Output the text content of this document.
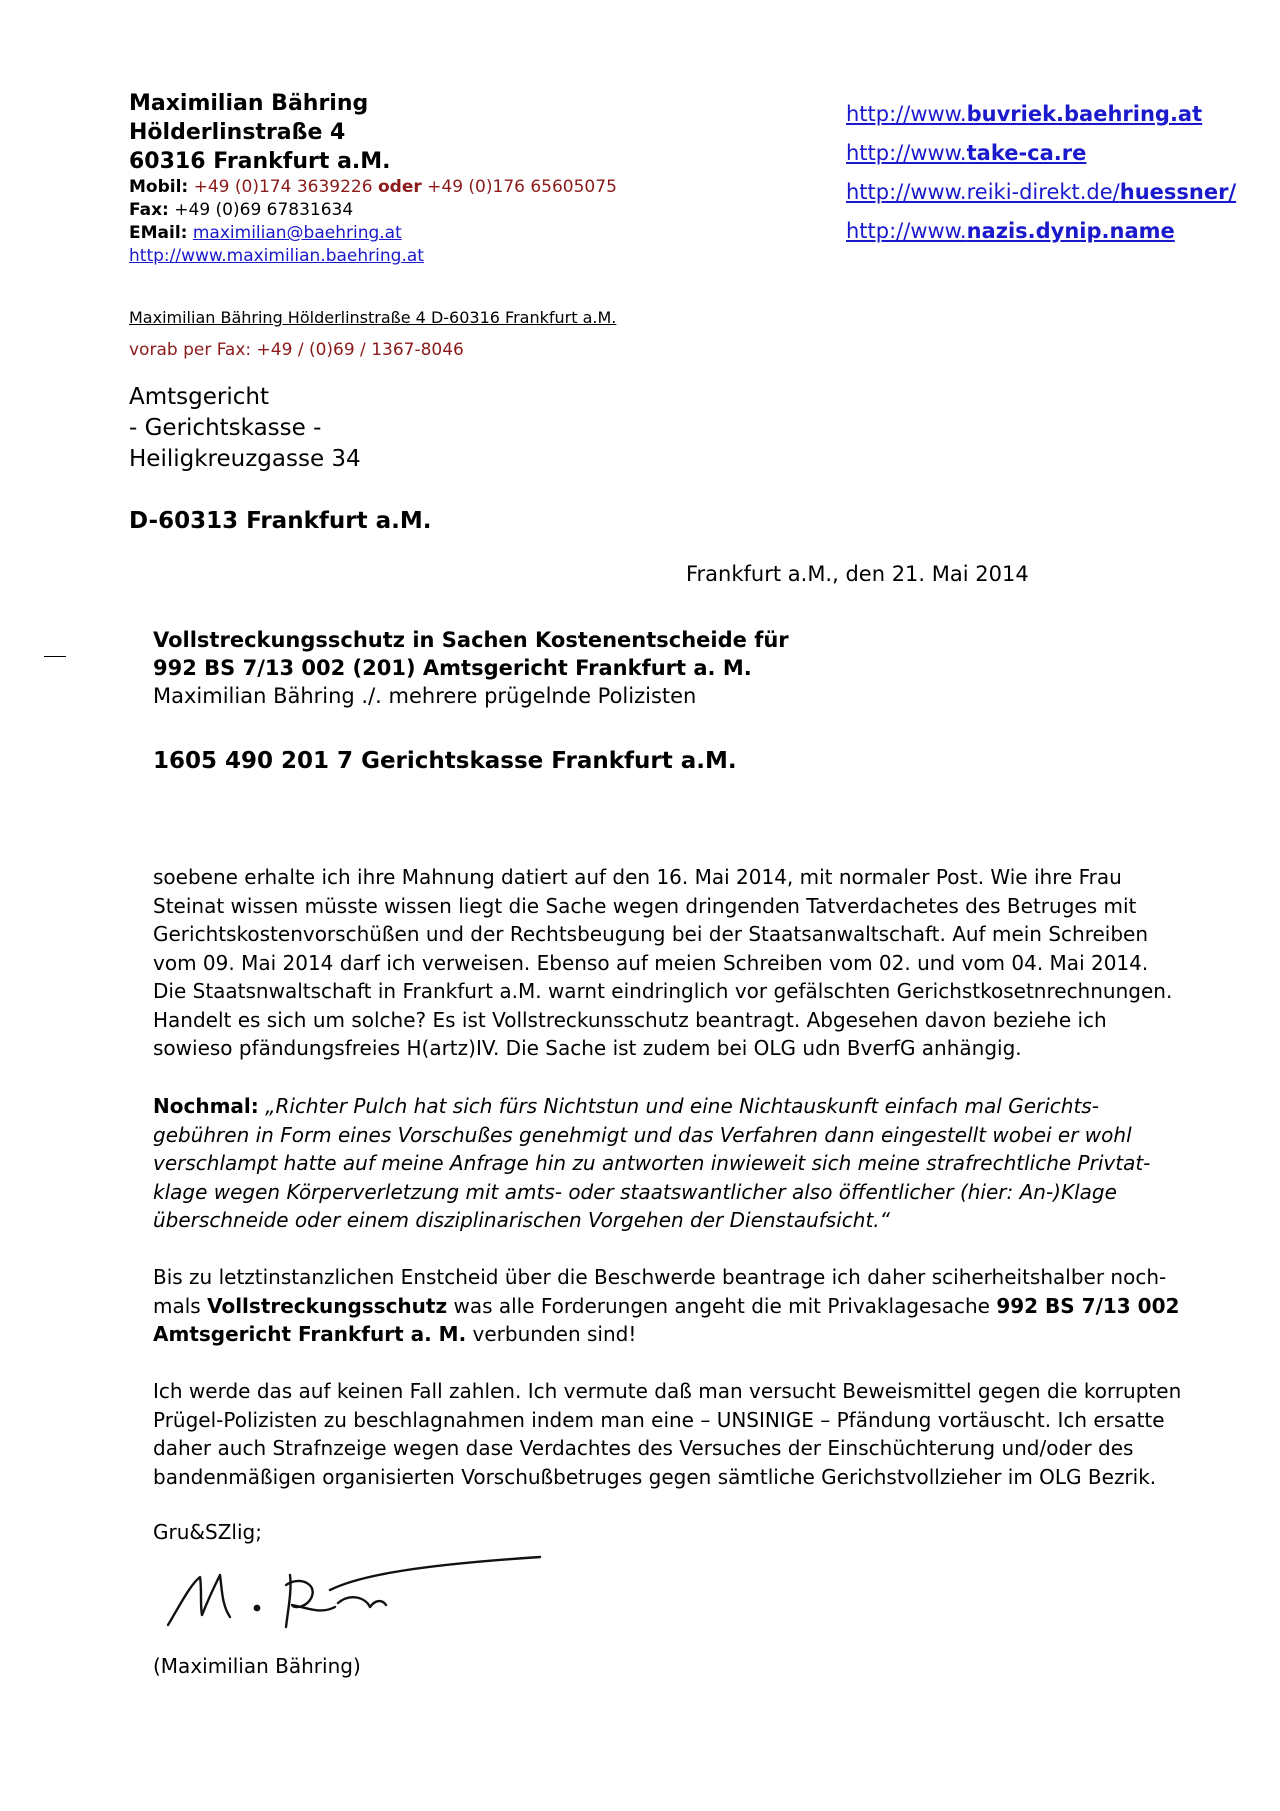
Maximilian Bähring
Hölderlinstraße 4
60316 Frankfurt a.M.
Mobil: +49 (0)174 3639226 oder +49 (0)176 65605075
Fax: +49 (0)69 67831634
EMail: maximilian@baehring.at
http://www.maximilian.baehring.at
http://www.buvriek.baehring.at
http://www.take-ca.re
http://www.reiki-direkt.de/huessner/
http://www.nazis.dynip.name
Maximilian Bähring Hölderlinstraße 4 D-60316 Frankfurt a.M.
vorab per Fax: +49 / (0)69 / 1367-8046
Amtsgericht
- Gerichtskasse -
Heiligkreuzgasse 34
D-60313 Frankfurt a.M.
Frankfurt a.M., den 21. Mai 2014
Vollstreckungsschutz in Sachen Kostenentscheide für
992 BS 7/13 002 (201) Amtsgericht Frankfurt a. M.
Maximilian Bähring ./. mehrere prügelnde Polizisten
1605 490 201 7 Gerichtskasse Frankfurt a.M.
soebene erhalte ich ihre Mahnung datiert auf den 16. Mai 2014, mit normaler Post. Wie ihre Frau
Steinat wissen müsste wissen liegt die Sache wegen dringenden Tatverdachetes des Betruges mit
Gerichtskostenvorschüßen und der Rechtsbeugung bei der Staatsanwaltschaft. Auf mein Schreiben
vom 09. Mai 2014 darf ich verweisen. Ebenso auf meien Schreiben vom 02. und vom 04. Mai 2014.
Die Staatsnwaltschaft in Frankfurt a.M. warnt eindringlich vor gefälschten Gerichstkosetnrechnungen.
Handelt es sich um solche? Es ist Vollstreckunsschutz beantragt. Abgesehen davon beziehe ich
sowieso pfändungsfreies H(artz)IV. Die Sache ist zudem bei OLG udn BverfG anhängig.
Nochmal: „Richter Pulch hat sich fürs Nichtstun und eine Nichtauskunft einfach mal Gerichts-
gebühren in Form eines Vorschußes genehmigt und das Verfahren dann eingestellt wobei er wohl
verschlampt hatte auf meine Anfrage hin zu antworten inwieweit sich meine strafrechtliche Privtat-
klage wegen Körperverletzung mit amts- oder staatswantlicher also öffentlicher (hier: An-)Klage
überschneide oder einem disziplinarischen Vorgehen der Dienstaufsicht.“
Bis zu letztinstanzlichen Enstcheid über die Beschwerde beantrage ich daher sciherheitshalber noch-
mals Vollstreckungsschutz was alle Forderungen angeht die mit Privaklagesache 992 BS 7/13 002
Amtsgericht Frankfurt a. M. verbunden sind!
Ich werde das auf keinen Fall zahlen. Ich vermute daß man versucht Beweismittel gegen die korrupten
Prügel-Polizisten zu beschlagnahmen indem man eine – UNSINIGE – Pfändung vortäuscht. Ich ersatte
daher auch Strafnzeige wegen dase Verdachtes des Versuches der Einschüchterung und/oder des
bandenmäßigen organisierten Vorschußbetruges gegen sämtliche Gerichstvollzieher im OLG Bezrik.
Gru&SZlig;
(Maximilian Bähring)
